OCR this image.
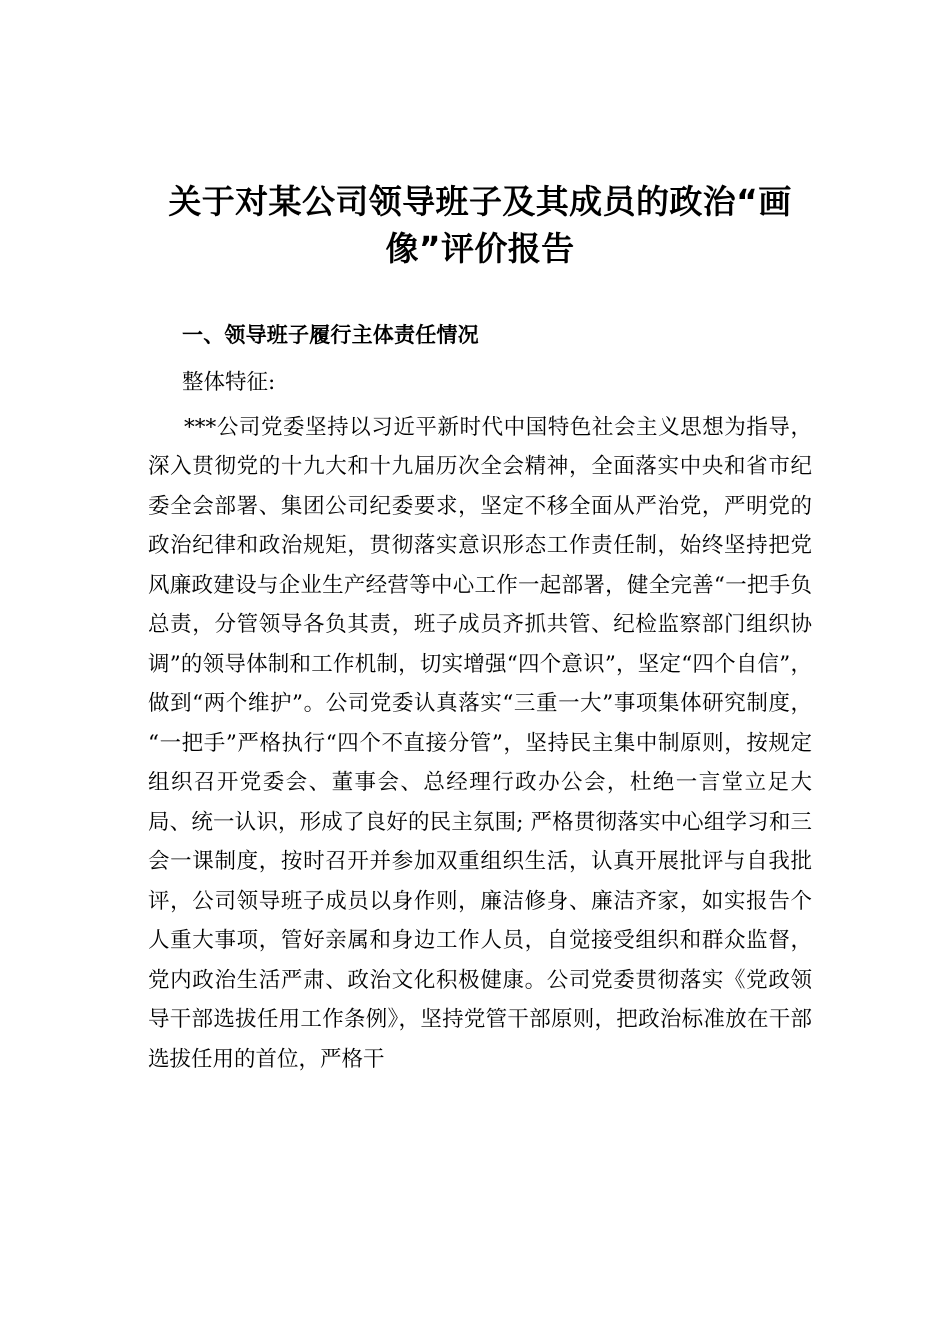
关于对某公司领导班子及其成员的政治“画像”评价报告
一、领导班子履行主体责任情况

整体特征:

***公司党委坚持以习近平新时代中国特色社会主义思想为指导，深入贯彻党的十九大和十九届历次全会精神，全面落实中央和省市纪委全会部署、集团公司纪委要求，坚定不移全面从严治党，严明党的政治纪律和政治规矩，贯彻落实意识形态工作责任制，始终坚持把党风廉政建设与企业生产经营等中心工作一起部署，健全完善“一把手负总责，分管领导各负其责，班子成员齐抓共管、纪检监察部门组织协调”的领导体制和工作机制，切实增强“四个意识”，坚定“四个自信”，做到“两个维护”。公司党委认真落实“三重一大”事项集体研究制度，“一把手”严格执行“四个不直接分管”，坚持民主集中制原则，按规定组织召开党委会、董事会、总经理行政办公会，杜绝一言堂立足大局、统一认识，形成了良好的民主氛围; 严格贯彻落实中心组学习和三会一课制度，按时召开并参加双重组织生活，认真开展批评与自我批评，公司领导班子成员以身作则，廉洁修身、廉洁齐家，如实报告个人重大事项，管好亲属和身边工作人员，自觉接受组织和群众监督，党内政治生活严肃、政治文化积极健康。公司党委贯彻落实《党政领导干部选拔任用工作条例》，坚持党管干部原则，把政治标准放在干部选拔任用的首位，严格干
